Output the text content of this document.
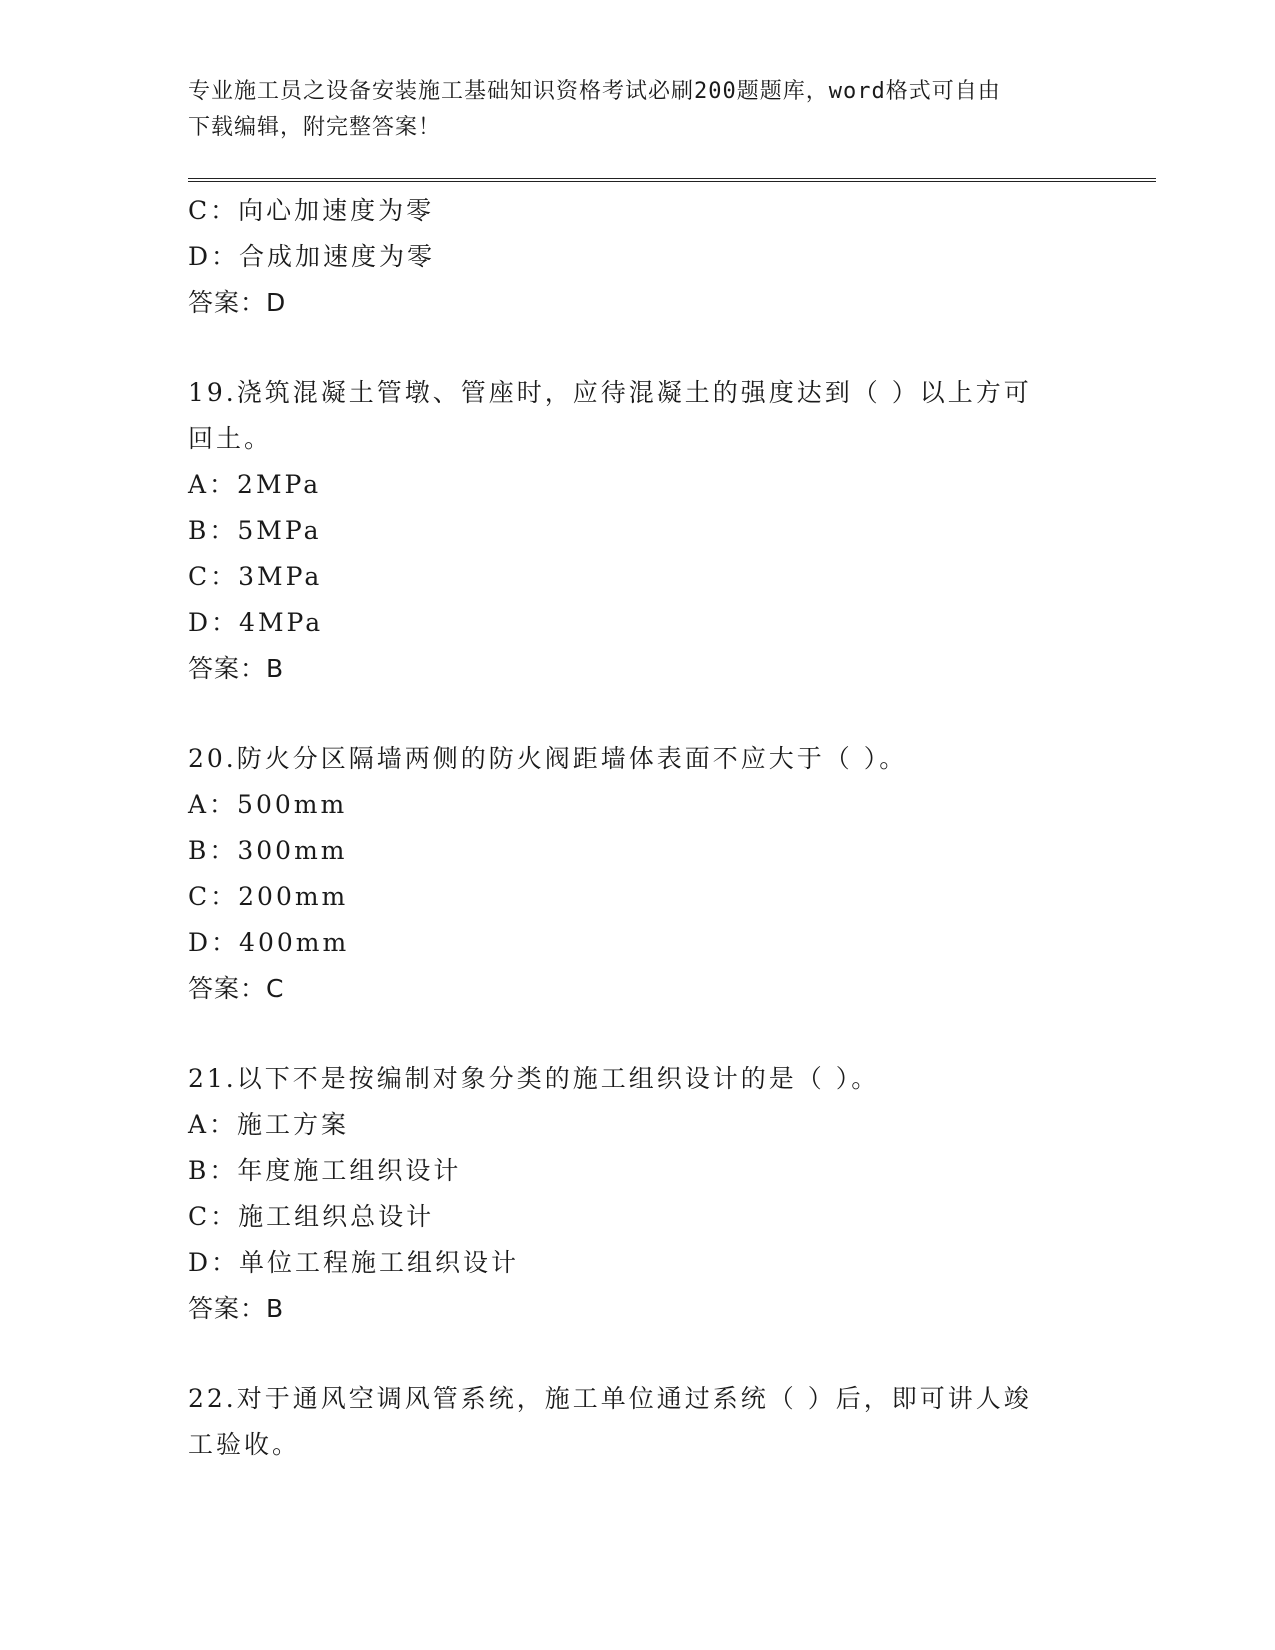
专业施工员之设备安装施工基础知识资格考试必刷200题题库，word格式可自由
下载编辑，附完整答案！
C：向心加速度为零
D：合成加速度为零
答案：D
19.浇筑混凝土管墩、管座时，应待混凝土的强度达到（ ）以上方可
回土。
A：2MPa
B：5MPa
C：3MPa
D：4MPa
答案：B
20.防火分区隔墙两侧的防火阀距墙体表面不应大于（ ）。
A：500mm
B：300mm
C：200mm
D：400mm
答案：C
21.以下不是按编制对象分类的施工组织设计的是（ ）。
A：施工方案
B：年度施工组织设计
C：施工组织总设计
D：单位工程施工组织设计
答案：B
22.对于通风空调风管系统，施工单位通过系统（ ）后，即可讲人竣
工验收。
